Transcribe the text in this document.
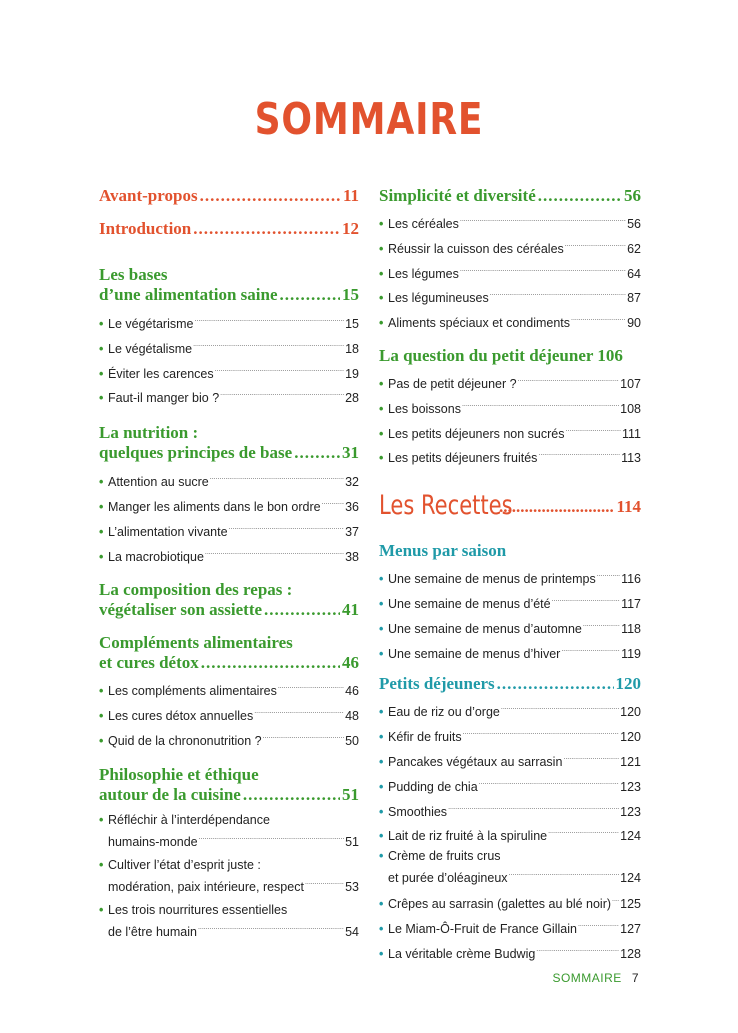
SOMMAIRE
Avant-propos .....	11
Introduction .....	12
Les bases
d’une alimentation saine .....	15
• Le végétarisme .....	15
• Le végétalisme .....	18
• Éviter les carences .....	19
• Faut-il manger bio ? .....	28
La nutrition :
quelques principes de base .....	31
• Attention au sucre .....	32
• Manger les aliments dans le bon ordre ..... 36
• L’alimentation vivante .....	37
• La macrobiotique .....	38
La composition des repas :
végétaliser son assiette .....	41
Compléments alimentaires
et cures détox .....	46
• Les compléments alimentaires .....	46
• Les cures détox annuelles .....	48
• Quid de la chrononutrition ? .....	50
Philosophie et éthique
autour de la cuisine .....	51
• Réfléchir à l’interdépendance
humains-monde .....	51
• Cultiver l’état d’esprit juste :
modération, paix intérieure, respect .....	53
• Les trois nourritures essentielles
de l’être humain .....	54
Simplicité et diversité .....	56
• Les céréales .....	56
• Réussir la cuisson des céréales .....	62
• Les légumes .....	64
• Les légumineuses .....	87
• Aliments spéciaux et condiments .....	90
La question du petit déjeuner 106
• Pas de petit déjeuner ? .....	107
• Les boissons .....	108
• Les petits déjeuners non sucrés .....	111
• Les petits déjeuners fruités .....	113
Les Recettes .....	114
Menus par saison
• Une semaine de menus de printemps ..... 116
• Une semaine de menus d’été .....	117
• Une semaine de menus d’automne .....	118
• Une semaine de menus d’hiver .....	119
Petits déjeuners .....	120
• Eau de riz ou d’orge .....	120
• Kéfir de fruits .....	120
• Pancakes végétaux au sarrasin .....	121
• Pudding de chia .....	123
• Smoothies .....	123
• Lait de riz fruité à la spiruline .....	124
• Crème de fruits crus
et purée d’oléagineux .....	124
• Crêpes au sarrasin (galettes au blé noir) ..... 125
• Le Miam-Ô-Fruit de France Gillain .....	127
• La véritable crème Budwig .....	128
SOMMAIRE 7
